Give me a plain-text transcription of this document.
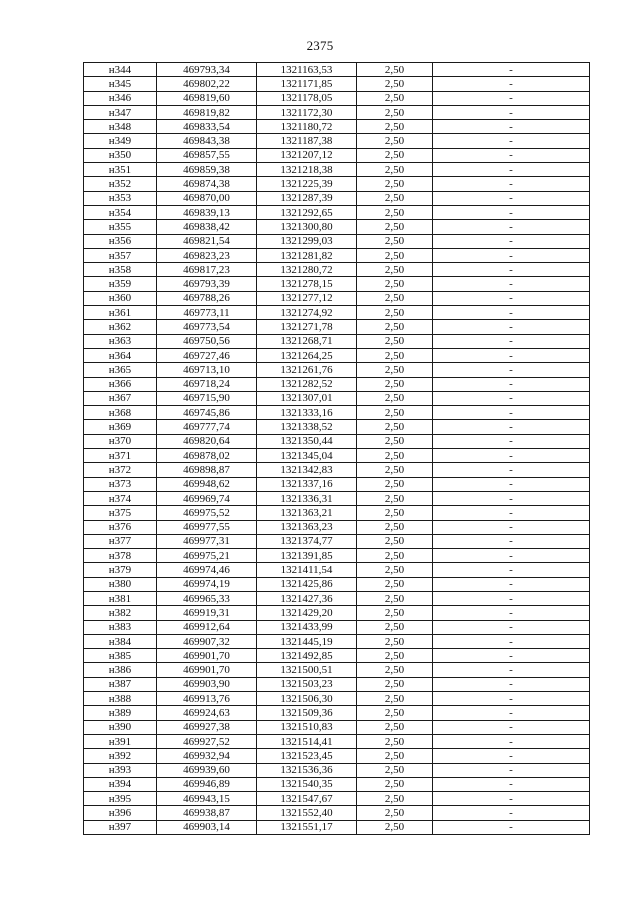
2375
н344	469793,34	1321163,53	2,50	-
н345	469802,22	1321171,85	2,50	-
н346	469819,60	1321178,05	2,50	-
н347	469819,82	1321172,30	2,50	-
н348	469833,54	1321180,72	2,50	-
н349	469843,38	1321187,38	2,50	-
н350	469857,55	1321207,12	2,50	-
н351	469859,38	1321218,38	2,50	-
н352	469874,38	1321225,39	2,50	-
н353	469870,00	1321287,39	2,50	-
н354	469839,13	1321292,65	2,50	-
н355	469838,42	1321300,80	2,50	-
н356	469821,54	1321299,03	2,50	-
н357	469823,23	1321281,82	2,50	-
н358	469817,23	1321280,72	2,50	-
н359	469793,39	1321278,15	2,50	-
н360	469788,26	1321277,12	2,50	-
н361	469773,11	1321274,92	2,50	-
н362	469773,54	1321271,78	2,50	-
н363	469750,56	1321268,71	2,50	-
н364	469727,46	1321264,25	2,50	-
н365	469713,10	1321261,76	2,50	-
н366	469718,24	1321282,52	2,50	-
н367	469715,90	1321307,01	2,50	-
н368	469745,86	1321333,16	2,50	-
н369	469777,74	1321338,52	2,50	-
н370	469820,64	1321350,44	2,50	-
н371	469878,02	1321345,04	2,50	-
н372	469898,87	1321342,83	2,50	-
н373	469948,62	1321337,16	2,50	-
н374	469969,74	1321336,31	2,50	-
н375	469975,52	1321363,21	2,50	-
н376	469977,55	1321363,23	2,50	-
н377	469977,31	1321374,77	2,50	-
н378	469975,21	1321391,85	2,50	-
н379	469974,46	1321411,54	2,50	-
н380	469974,19	1321425,86	2,50	-
н381	469965,33	1321427,36	2,50	-
н382	469919,31	1321429,20	2,50	-
н383	469912,64	1321433,99	2,50	-
н384	469907,32	1321445,19	2,50	-
н385	469901,70	1321492,85	2,50	-
н386	469901,70	1321500,51	2,50	-
н387	469903,90	1321503,23	2,50	-
н388	469913,76	1321506,30	2,50	-
н389	469924,63	1321509,36	2,50	-
н390	469927,38	1321510,83	2,50	-
н391	469927,52	1321514,41	2,50	-
н392	469932,94	1321523,45	2,50	-
н393	469939,60	1321536,36	2,50	-
н394	469946,89	1321540,35	2,50	-
н395	469943,15	1321547,67	2,50	-
н396	469938,87	1321552,40	2,50	-
н397	469903,14	1321551,17	2,50	-
